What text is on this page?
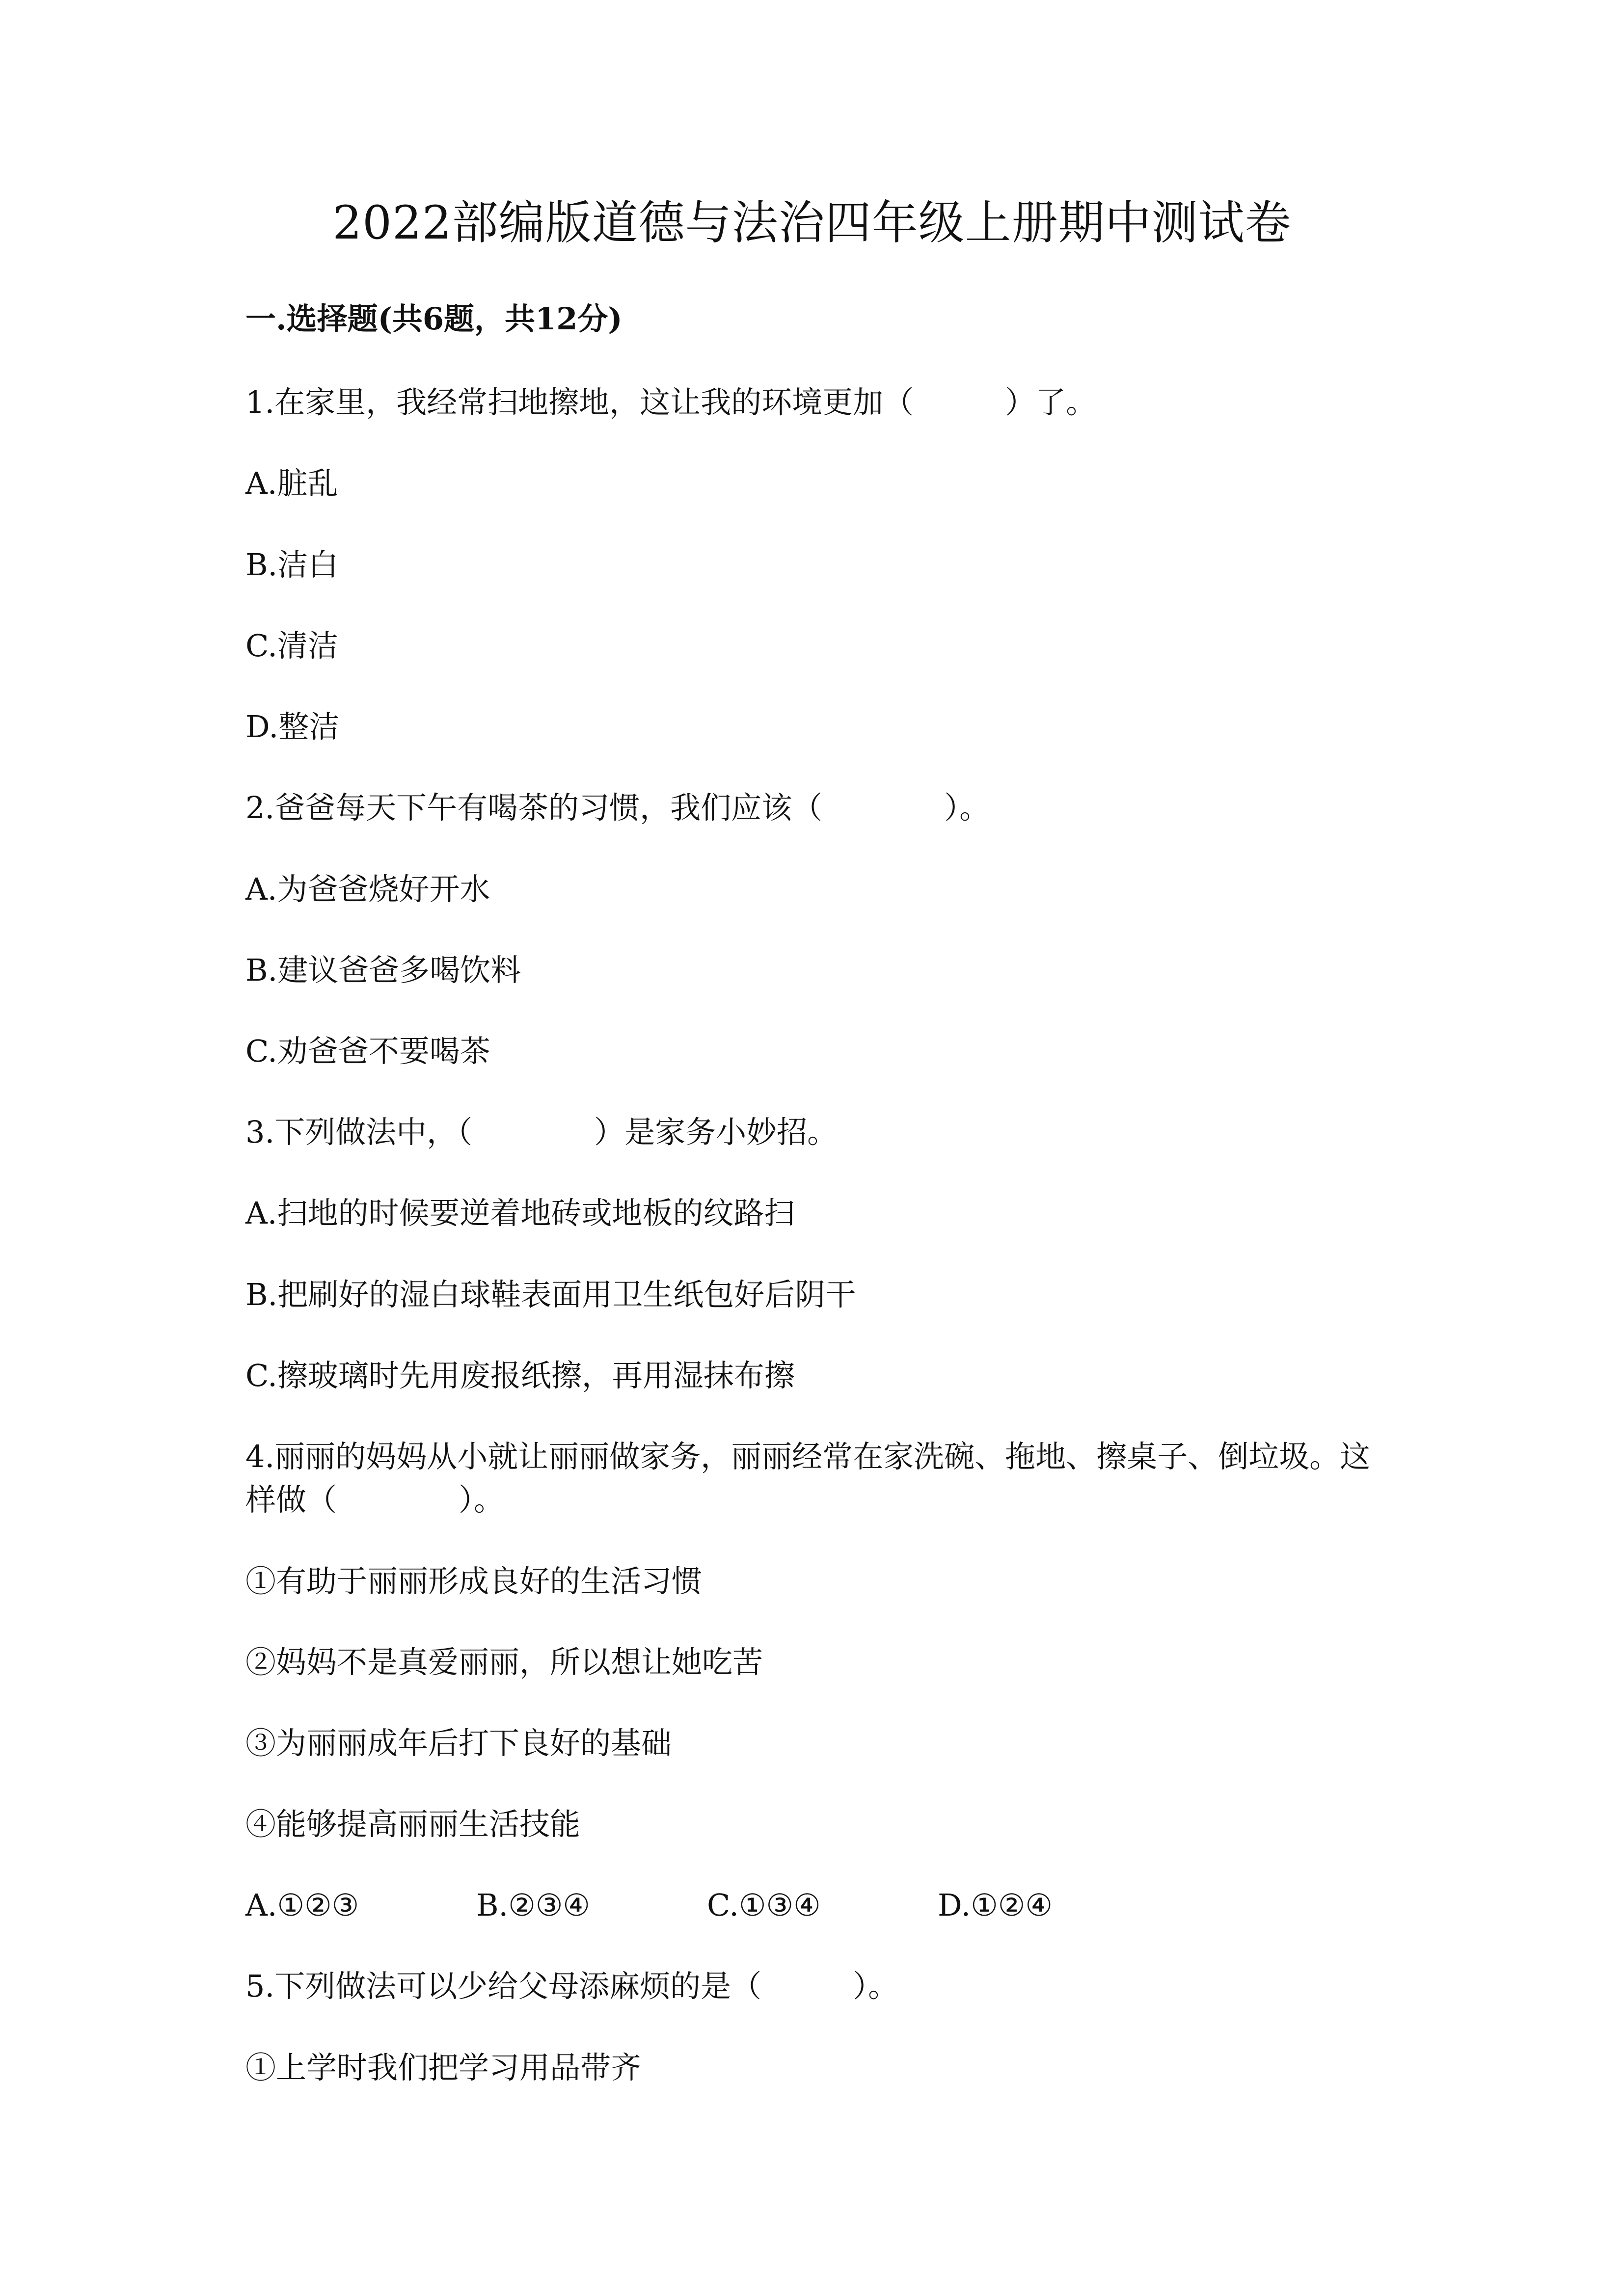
2022部编版道德与法治四年级上册期中测试卷
一.选择题(共6题，共12分)
1.在家里，我经常扫地擦地，这让我的环境更加（　　　）了。
A.脏乱
B.洁白
C.清洁
D.整洁
2.爸爸每天下午有喝茶的习惯，我们应该（　　　　）。
A.为爸爸烧好开水
B.建议爸爸多喝饮料
C.劝爸爸不要喝茶
3.下列做法中，（　　　　）是家务小妙招。
A.扫地的时候要逆着地砖或地板的纹路扫
B.把刷好的湿白球鞋表面用卫生纸包好后阴干
C.擦玻璃时先用废报纸擦，再用湿抹布擦
4.丽丽的妈妈从小就让丽丽做家务，丽丽经常在家洗碗、拖地、擦桌子、倒垃圾。这样做（　　　　）。
①有助于丽丽形成良好的生活习惯
②妈妈不是真爱丽丽，所以想让她吃苦
③为丽丽成年后打下良好的基础
④能够提高丽丽生活技能
A.①②③	B.②③④	C.①③④	D.①②④
5.下列做法可以少给父母添麻烦的是（　　　）。
①上学时我们把学习用品带齐
